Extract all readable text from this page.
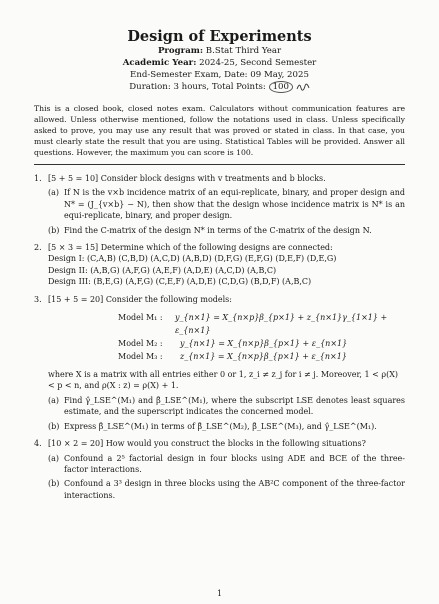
Design of Experiments

Program: B.Stat Third Year
Academic Year: 2024-25, Second Semester
End-Semester Exam, Date: 09 May, 2025
Duration: 3 hours, Total Points: 100
This is a closed book, closed notes exam. Calculators without communication features are allowed. Unless otherwise mentioned, follow the notations used in class. Unless specifically asked to prove, you may use any result that was proved or stated in class. In that case, you must clearly state the result that you are using. Statistical Tables will be provided. Answer all questions. However, the maximum you can score is 100.
1. [5 + 5 = 10] Consider block designs with v treatments and b blocks.
(a) If N is the v×b incidence matrix of an equi-replicate, binary, and proper design and N* = (J_{v×b} − N), then show that the design whose incidence matrix is N* is an equi-replicate, binary, and proper design.
(b) Find the C-matrix of the design N* in terms of the C-matrix of the design N.
2. [5 × 3 = 15] Determine which of the following designs are connected:
Design I: (C,A,B) (C,B,D) (A,C,D) (A,B,D) (D,F,G) (E,F,G) (D,E,F) (D,E,G)
Design II: (A,B,G) (A,F,G) (A,E,F) (A,D,E) (A,C,D) (A,B,C)
Design III: (B,E,G) (A,F,G) (C,E,F) (A,D,E) (C,D,G) (B,D,F) (A,B,C)
3. [15 + 5 = 20] Consider the following models:
Model M₁ :	y_{n×1} = X_{n×p}β_{p×1} + z_{n×1}γ_{1×1} + ε_{n×1}
Model M₂ :	y_{n×1} = X_{n×p}β_{p×1} + ε_{n×1}
Model M₃ :	z_{n×1} = X_{n×p}β_{p×1} + ε_{n×1}
where X is a matrix with all entries either 0 or 1, z_i ≠ z_j for i ≠ j. Moreover, 1 < ρ(X) < p < n, and ρ(X : z) = ρ(X) + 1.
(a) Find γ̂_LSE^(M₁) and β̂_LSE^(M₁), where the subscript LSE denotes least squares estimate, and the superscript indicates the concerned model.
(b) Express β̂_LSE^(M₁) in terms of β̂_LSE^(M₂), β̂_LSE^(M₃), and γ̂_LSE^(M₁).
4. [10 × 2 = 20] How would you construct the blocks in the following situations?
(a) Confound a 2⁵ factorial design in four blocks using ADE and BCE of the three-factor interactions.
(b) Confound a 3³ design in three blocks using the AB²C component of the three-factor interactions.
1
